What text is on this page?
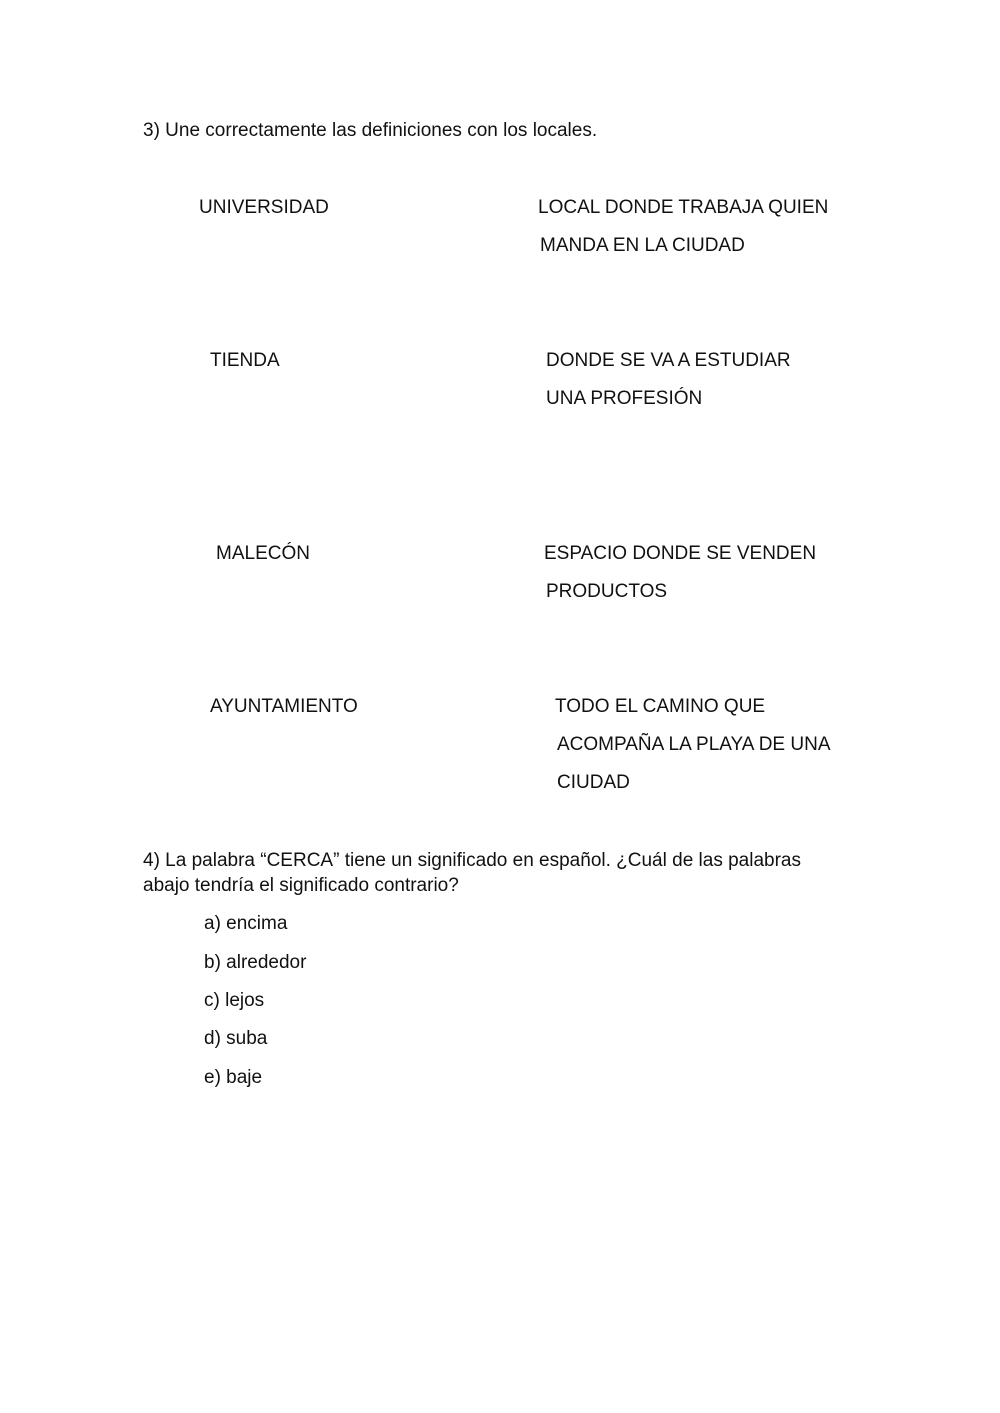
3) Une correctamente las definiciones con los locales.
UNIVERSIDAD
TIENDA
MALECÓN
AYUNTAMIENTO
LOCAL DONDE TRABAJA QUIEN
MANDA EN LA CIUDAD
DONDE SE VA A ESTUDIAR
UNA PROFESIÓN
ESPACIO DONDE SE VENDEN
PRODUCTOS
TODO EL CAMINO QUE
ACOMPAÑA LA PLAYA DE UNA
CIUDAD
4) La palabra “CERCA” tiene un significado en español. ¿Cuál de las palabras
abajo tendría el significado contrario?
a) encima
b) alrededor
c) lejos
d) suba
e) baje
